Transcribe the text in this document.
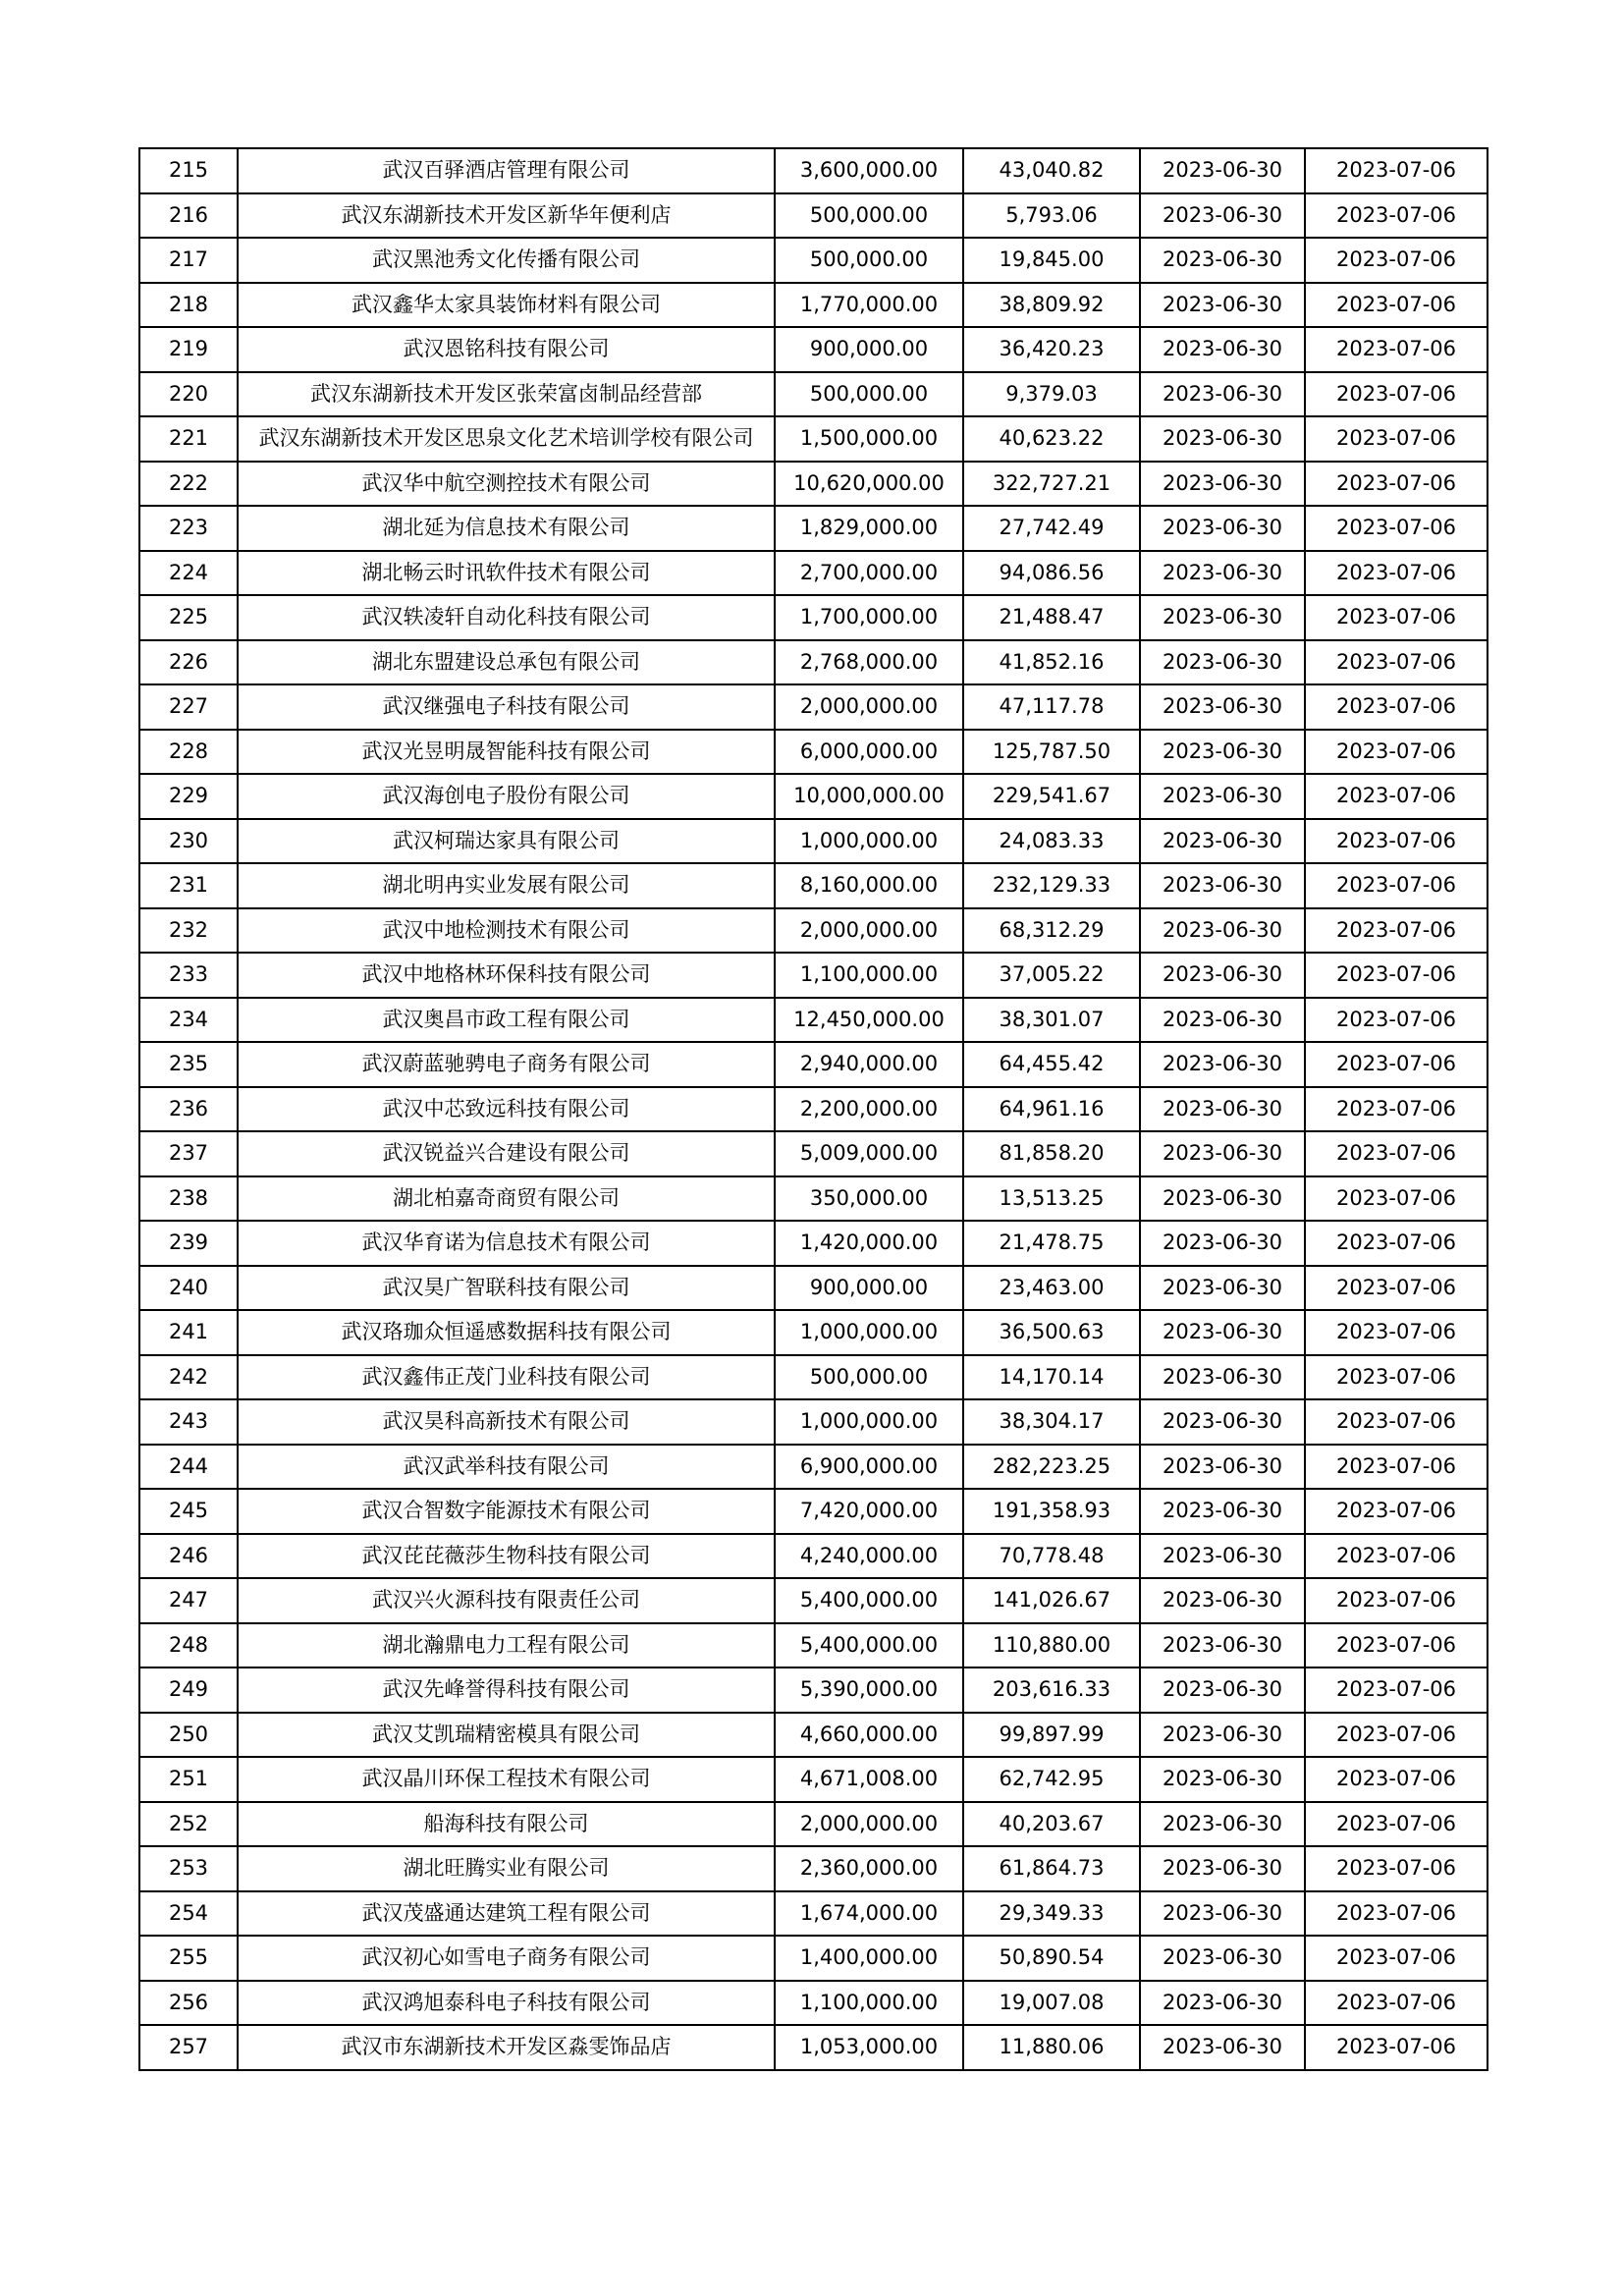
215	武汉百驿酒店管理有限公司	3,600,000.00	43,040.82	2023-06-30	2023-07-06
216	武汉东湖新技术开发区新华年便利店	500,000.00	5,793.06	2023-06-30	2023-07-06
217	武汉黑池秀文化传播有限公司	500,000.00	19,845.00	2023-06-30	2023-07-06
218	武汉鑫华太家具装饰材料有限公司	1,770,000.00	38,809.92	2023-06-30	2023-07-06
219	武汉恩铭科技有限公司	900,000.00	36,420.23	2023-06-30	2023-07-06
220	武汉东湖新技术开发区张荣富卤制品经营部	500,000.00	9,379.03	2023-06-30	2023-07-06
221	武汉东湖新技术开发区思泉文化艺术培训学校有限公司	1,500,000.00	40,623.22	2023-06-30	2023-07-06
222	武汉华中航空测控技术有限公司	10,620,000.00	322,727.21	2023-06-30	2023-07-06
223	湖北延为信息技术有限公司	1,829,000.00	27,742.49	2023-06-30	2023-07-06
224	湖北畅云时讯软件技术有限公司	2,700,000.00	94,086.56	2023-06-30	2023-07-06
225	武汉轶凌轩自动化科技有限公司	1,700,000.00	21,488.47	2023-06-30	2023-07-06
226	湖北东盟建设总承包有限公司	2,768,000.00	41,852.16	2023-06-30	2023-07-06
227	武汉继强电子科技有限公司	2,000,000.00	47,117.78	2023-06-30	2023-07-06
228	武汉光昱明晟智能科技有限公司	6,000,000.00	125,787.50	2023-06-30	2023-07-06
229	武汉海创电子股份有限公司	10,000,000.00	229,541.67	2023-06-30	2023-07-06
230	武汉柯瑞达家具有限公司	1,000,000.00	24,083.33	2023-06-30	2023-07-06
231	湖北明冉实业发展有限公司	8,160,000.00	232,129.33	2023-06-30	2023-07-06
232	武汉中地检测技术有限公司	2,000,000.00	68,312.29	2023-06-30	2023-07-06
233	武汉中地格林环保科技有限公司	1,100,000.00	37,005.22	2023-06-30	2023-07-06
234	武汉奥昌市政工程有限公司	12,450,000.00	38,301.07	2023-06-30	2023-07-06
235	武汉蔚蓝驰骋电子商务有限公司	2,940,000.00	64,455.42	2023-06-30	2023-07-06
236	武汉中芯致远科技有限公司	2,200,000.00	64,961.16	2023-06-30	2023-07-06
237	武汉锐益兴合建设有限公司	5,009,000.00	81,858.20	2023-06-30	2023-07-06
238	湖北柏嘉奇商贸有限公司	350,000.00	13,513.25	2023-06-30	2023-07-06
239	武汉华育诺为信息技术有限公司	1,420,000.00	21,478.75	2023-06-30	2023-07-06
240	武汉昊广智联科技有限公司	900,000.00	23,463.00	2023-06-30	2023-07-06
241	武汉珞珈众恒遥感数据科技有限公司	1,000,000.00	36,500.63	2023-06-30	2023-07-06
242	武汉鑫伟正茂门业科技有限公司	500,000.00	14,170.14	2023-06-30	2023-07-06
243	武汉昊科高新技术有限公司	1,000,000.00	38,304.17	2023-06-30	2023-07-06
244	武汉武举科技有限公司	6,900,000.00	282,223.25	2023-06-30	2023-07-06
245	武汉合智数字能源技术有限公司	7,420,000.00	191,358.93	2023-06-30	2023-07-06
246	武汉芘芘薇莎生物科技有限公司	4,240,000.00	70,778.48	2023-06-30	2023-07-06
247	武汉兴火源科技有限责任公司	5,400,000.00	141,026.67	2023-06-30	2023-07-06
248	湖北瀚鼎电力工程有限公司	5,400,000.00	110,880.00	2023-06-30	2023-07-06
249	武汉先峰誉得科技有限公司	5,390,000.00	203,616.33	2023-06-30	2023-07-06
250	武汉艾凯瑞精密模具有限公司	4,660,000.00	99,897.99	2023-06-30	2023-07-06
251	武汉晶川环保工程技术有限公司	4,671,008.00	62,742.95	2023-06-30	2023-07-06
252	船海科技有限公司	2,000,000.00	40,203.67	2023-06-30	2023-07-06
253	湖北旺腾实业有限公司	2,360,000.00	61,864.73	2023-06-30	2023-07-06
254	武汉茂盛通达建筑工程有限公司	1,674,000.00	29,349.33	2023-06-30	2023-07-06
255	武汉初心如雪电子商务有限公司	1,400,000.00	50,890.54	2023-06-30	2023-07-06
256	武汉鸿旭泰科电子科技有限公司	1,100,000.00	19,007.08	2023-06-30	2023-07-06
257	武汉市东湖新技术开发区淼雯饰品店	1,053,000.00	11,880.06	2023-06-30	2023-07-06
